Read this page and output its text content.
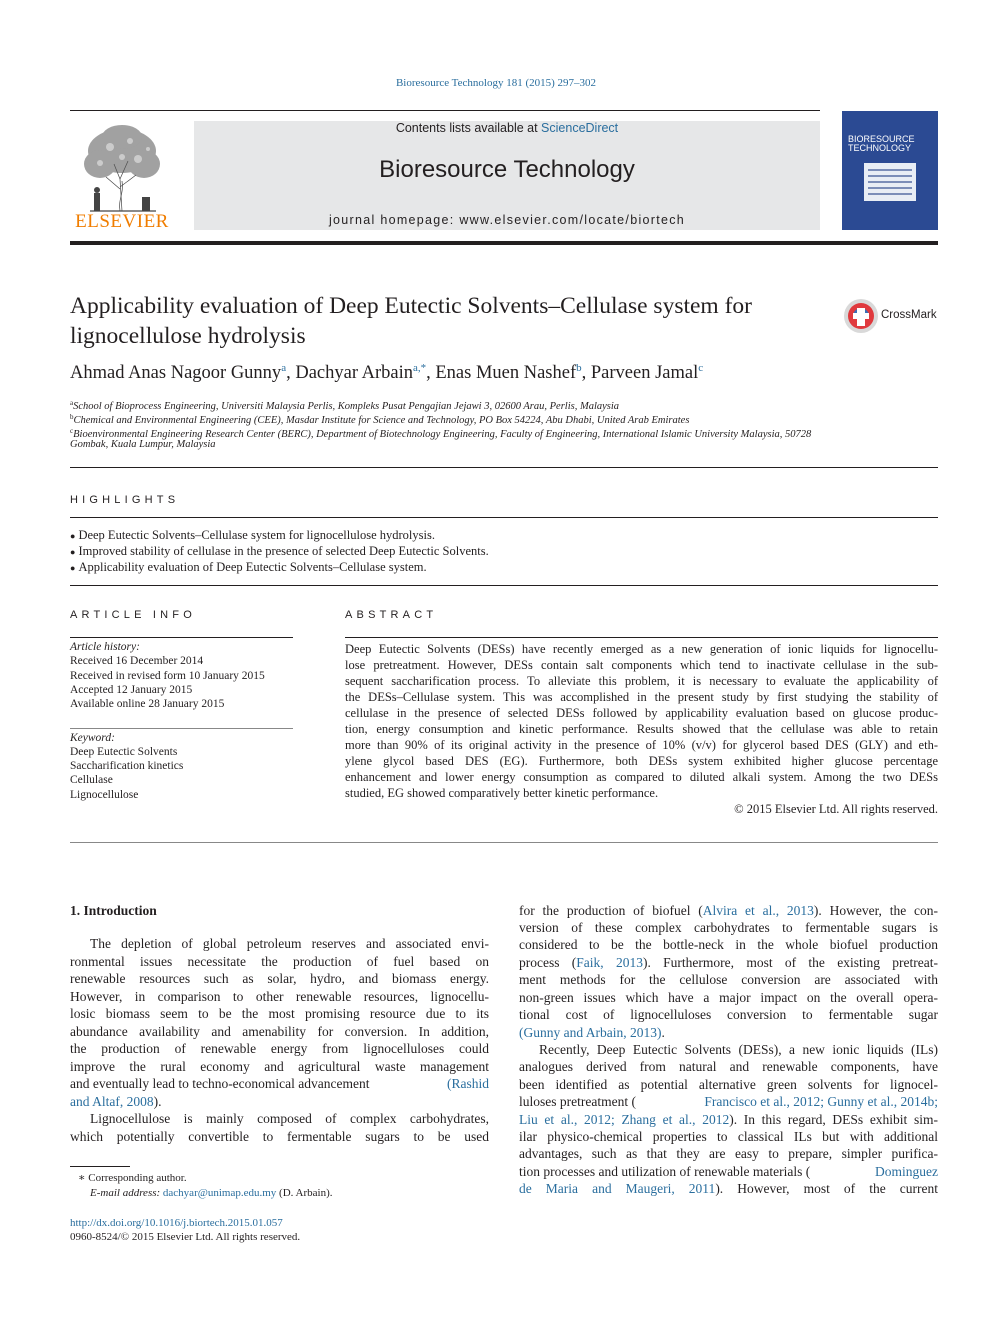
Bioresource Technology 181 (2015) 297–302
ELSEVIER
Contents lists available at ScienceDirect
Bioresource Technology
journal homepage: www.elsevier.com/locate/biortech
BIORESOURCE TECHNOLOGY
Applicability evaluation of Deep Eutectic Solvents–Cellulase system for
lignocellulose hydrolysis
CrossMark
Ahmad Anas Nagoor Gunny$^a$, Dachyar Arbain$^{a,*}$, Enas Muen Nashef$^b$, Parveen Jamal$^c$
$^a$School of Bioprocess Engineering, Universiti Malaysia Perlis, Kompleks Pusat Pengajian Jejawi 3, 02600 Arau, Perlis, Malaysia
$^b$Chemical and Environmental Engineering (CEE), Masdar Institute for Science and Technology, PO Box 54224, Abu Dhabi, United Arab Emirates
$^c$Bioenvironmental Engineering Research Center (BERC), Department of Biotechnology Engineering, Faculty of Engineering, International Islamic University Malaysia, 50728
Gombak, Kuala Lumpur, Malaysia
HIGHLIGHTS
● Deep Eutectic Solvents–Cellulase system for lignocellulose hydrolysis.
● Improved stability of cellulase in the presence of selected Deep Eutectic Solvents.
● Applicability evaluation of Deep Eutectic Solvents–Cellulase system.
ARTICLE INFO
Article history:
Received 16 December 2014
Received in revised form 10 January 2015
Accepted 12 January 2015
Available online 28 January 2015
Keyword:
Deep Eutectic Solvents
Saccharification kinetics
Cellulase
Lignocellulose
ABSTRACT
Deep Eutectic Solvents (DESs) have recently emerged as a new generation of ionic liquids for lignocellu-
lose pretreatment. However, DESs contain salt components which tend to inactivate cellulase in the sub-
sequent saccharification process. To alleviate this problem, it is necessary to evaluate the applicability of
the DESs–Cellulase system. This was accomplished in the present study by first studying the stability of
cellulase in the presence of selected DESs followed by applicability evaluation based on glucose produc-
tion, energy consumption and kinetic performance. Results showed that the cellulase was able to retain
more than 90% of its original activity in the presence of 10% (v/v) for glycerol based DES (GLY) and eth-
ylene glycol based DES (EG). Furthermore, both DESs system exhibited higher glucose percentage
enhancement and lower energy consumption as compared to diluted alkali system. Among the two DESs
studied, EG showed comparatively better kinetic performance.
© 2015 Elsevier Ltd. All rights reserved.
1. Introduction
The depletion of global petroleum reserves and associated envi-
ronmental issues necessitate the production of fuel based on
renewable resources such as solar, hydro, and biomass energy.
However, in comparison to other renewable resources, lignocellu-
losic biomass seem to be the most promising resource due to its
abundance availability and amenability for conversion. In addition,
the production of renewable energy from lignocelluloses could
improve the rural economy and agricultural waste management
and eventually lead to techno-economical advancement	(Rashid
and Altaf, 2008).
Lignocellulose is mainly composed of complex carbohydrates,
which potentially convertible to fermentable sugars to be used
for the production of biofuel (Alvira et al., 2013). However, the con-
version of these complex carbohydrates to fermentable sugars is
considered to be the bottle-neck in the whole biofuel production
process (Faik, 2013). Furthermore, most of the existing pretreat-
ment methods for the cellulose conversion are associated with
non-green issues which have a major impact on the overall opera-
tional cost of lignocelluloses conversion to fermentable sugar
(Gunny and Arbain, 2013).
Recently, Deep Eutectic Solvents (DESs), a new ionic liquids (ILs)
analogues derived from natural and renewable components, have
been identified as potential alternative green solvents for lignocel-
luloses pretreatment (	Francisco et al., 2012; Gunny et al., 2014b;
Liu et al., 2012; Zhang et al., 2012). In this regard, DESs exhibit sim-
ilar physico-chemical properties to classical ILs but with additional
advantages, such as that they are easy to prepare, simpler purifica-
tion processes and utilization of renewable materials (	Dominguez
de Maria and Maugeri, 2011). However, most of the current
∗ Corresponding author.
E-mail address: dachyar@unimap.edu.my (D. Arbain).
http://dx.doi.org/10.1016/j.biortech.2015.01.057
0960-8524/© 2015 Elsevier Ltd. All rights reserved.
